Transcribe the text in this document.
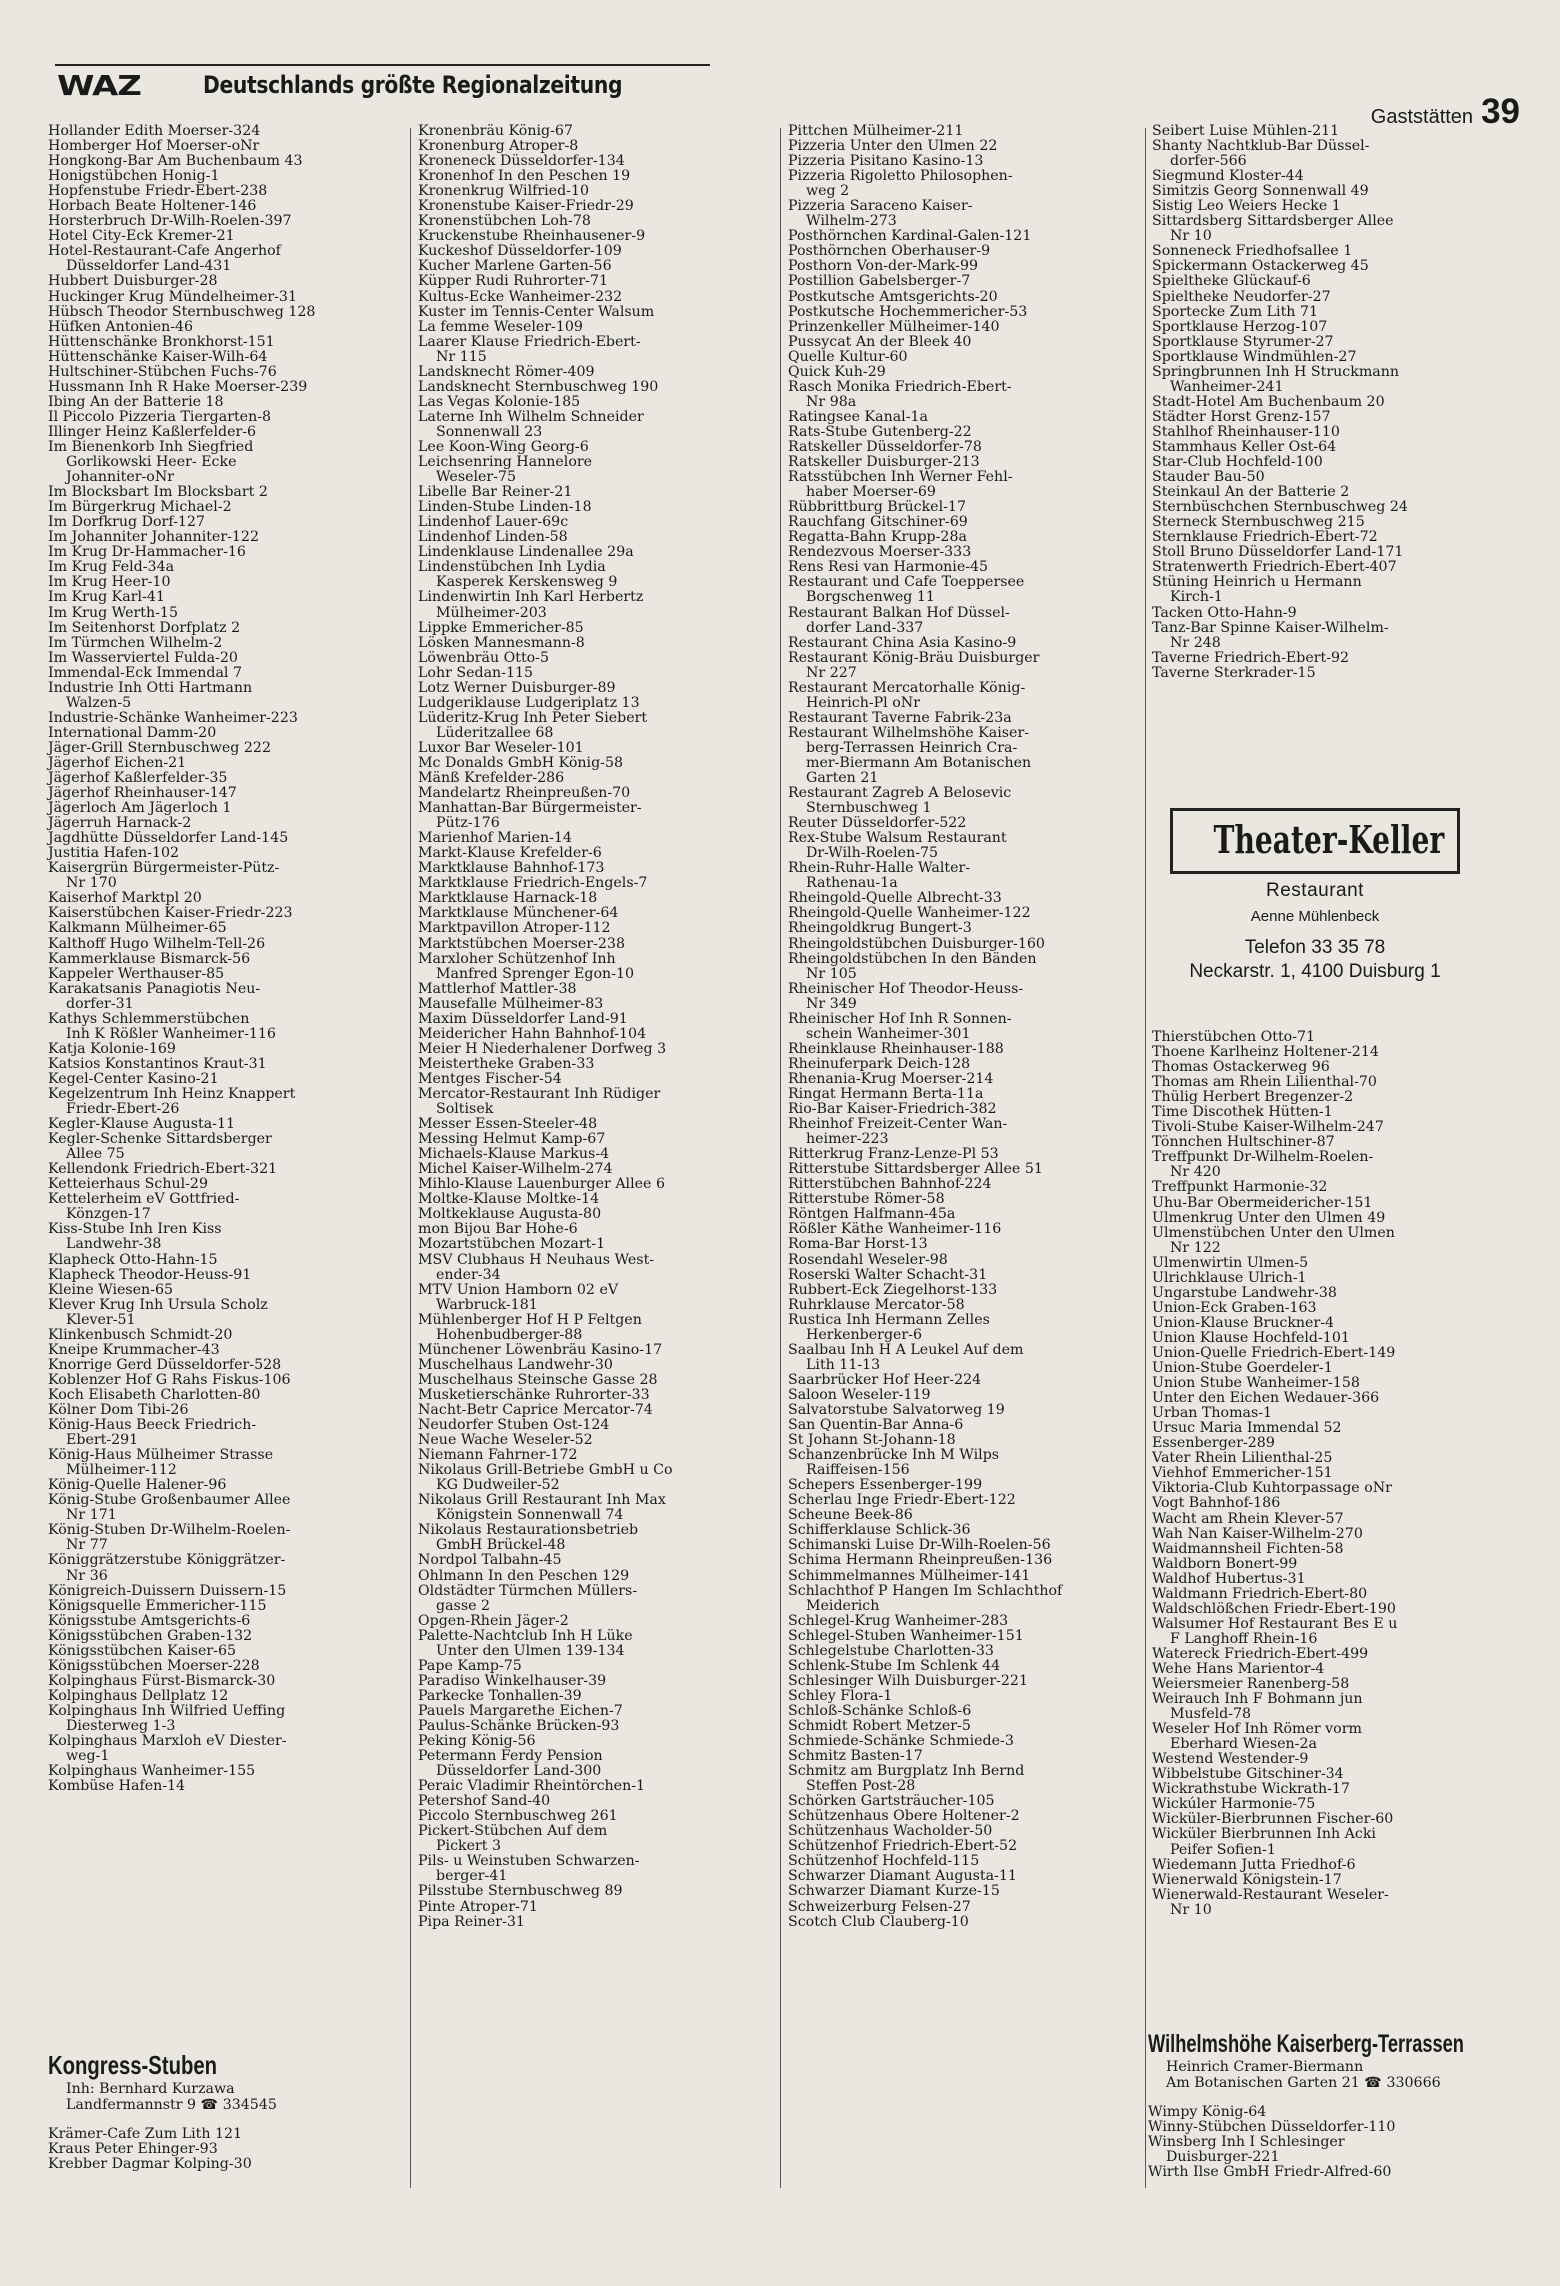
WAZ Deutschlands größte Regionalzeitung
Gaststätten 39
Hollander Edith Moerser-324
Homberger Hof Moerser-oNr
Hongkong-Bar Am Buchenbaum 43
Honigstübchen Honig-1
Hopfenstube Friedr-Ebert-238
Horbach Beate Holtener-146
Horsterbruch Dr-Wilh-Roelen-397
Hotel City-Eck Kremer-21
Hotel-Restaurant-Cafe Angerhof
Düsseldorfer Land-431
Hubbert Duisburger-28
Huckinger Krug Mündelheimer-31
Hübsch Theodor Sternbuschweg 128
Hüfken Antonien-46
Hüttenschänke Bronkhorst-151
Hüttenschänke Kaiser-Wilh-64
Hultschiner-Stübchen Fuchs-76
Hussmann Inh R Hake Moerser-239
Ibing An der Batterie 18
Il Piccolo Pizzeria Tiergarten-8
Illinger Heinz Kaßlerfelder-6
Im Bienenkorb Inh Siegfried
Gorlikowski Heer- Ecke
Johanniter-oNr
Im Blocksbart Im Blocksbart 2
Im Bürgerkrug Michael-2
Im Dorfkrug Dorf-127
Im Johanniter Johanniter-122
Im Krug Dr-Hammacher-16
Im Krug Feld-34a
Im Krug Heer-10
Im Krug Karl-41
Im Krug Werth-15
Im Seitenhorst Dorfplatz 2
Im Türmchen Wilhelm-2
Im Wasserviertel Fulda-20
Immendal-Eck Immendal 7
Industrie Inh Otti Hartmann
Walzen-5
Industrie-Schänke Wanheimer-223
International Damm-20
Jäger-Grill Sternbuschweg 222
Jägerhof Eichen-21
Jägerhof Kaßlerfelder-35
Jägerhof Rheinhauser-147
Jägerloch Am Jägerloch 1
Jägerruh Harnack-2
Jagdhütte Düsseldorfer Land-145
Justitia Hafen-102
Kaisergrün Bürgermeister-Pütz-
Nr 170
Kaiserhof Marktpl 20
Kaiserstübchen Kaiser-Friedr-223
Kalkmann Mülheimer-65
Kalthoff Hugo Wilhelm-Tell-26
Kammerklause Bismarck-56
Kappeler Werthauser-85
Karakatsanis Panagiotis Neu-
dorfer-31
Kathys Schlemmerstübchen
Inh K Rößler Wanheimer-116
Katja Kolonie-169
Katsios Konstantinos Kraut-31
Kegel-Center Kasino-21
Kegelzentrum Inh Heinz Knappert
Friedr-Ebert-26
Kegler-Klause Augusta-11
Kegler-Schenke Sittardsberger
Allee 75
Kellendonk Friedrich-Ebert-321
Ketteierhaus Schul-29
Kettelerheim eV Gottfried-
Könzgen-17
Kiss-Stube Inh Iren Kiss
Landwehr-38
Klapheck Otto-Hahn-15
Klapheck Theodor-Heuss-91
Kleine Wiesen-65
Klever Krug Inh Ursula Scholz
Klever-51
Klinkenbusch Schmidt-20
Kneipe Krummacher-43
Knorrige Gerd Düsseldorfer-528
Koblenzer Hof G Rahs Fiskus-106
Koch Elisabeth Charlotten-80
Kölner Dom Tibi-26
König-Haus Beeck Friedrich-
Ebert-291
König-Haus Mülheimer Strasse
Mülheimer-112
König-Quelle Halener-96
König-Stube Großenbaumer Allee
Nr 171
König-Stuben Dr-Wilhelm-Roelen-
Nr 77
Königgrätzerstube Königgrätzer-
Nr 36
Königreich-Duissern Duissern-15
Königsquelle Emmericher-115
Königsstube Amtsgerichts-6
Königsstübchen Graben-132
Königsstübchen Kaiser-65
Königsstübchen Moerser-228
Kolpinghaus Fürst-Bismarck-30
Kolpinghaus Dellplatz 12
Kolpinghaus Inh Wilfried Ueffing
Diesterweg 1-3
Kolpinghaus Marxloh eV Diester-
weg-1
Kolpinghaus Wanheimer-155
Kombüse Hafen-14
Kongress-Stuben
Inh: Bernhard Kurzawa
Landfermannstr 9 ☎ 334545
Krämer-Cafe Zum Lith 121
Kraus Peter Ehinger-93
Krebber Dagmar Kolping-30
Kronenbräu König-67
Kronenburg Atroper-8
Kroneneck Düsseldorfer-134
Kronenhof In den Peschen 19
Kronenkrug Wilfried-10
Kronenstube Kaiser-Friedr-29
Kronenstübchen Loh-78
Kruckenstube Rheinhausener-9
Kuckeshof Düsseldorfer-109
Kucher Marlene Garten-56
Küpper Rudi Ruhrorter-71
Kultus-Ecke Wanheimer-232
Kuster im Tennis-Center Walsum
La femme Weseler-109
Laarer Klause Friedrich-Ebert-
Nr 115
Landsknecht Römer-409
Landsknecht Sternbuschweg 190
Las Vegas Kolonie-185
Laterne Inh Wilhelm Schneider
Sonnenwall 23
Lee Koon-Wing Georg-6
Leichsenring Hannelore
Weseler-75
Libelle Bar Reiner-21
Linden-Stube Linden-18
Lindenhof Lauer-69c
Lindenhof Linden-58
Lindenklause Lindenallee 29a
Lindenstübchen Inh Lydia
Kasperek Kerskensweg 9
Lindenwirtin Inh Karl Herbertz
Mülheimer-203
Lippke Emmericher-85
Lösken Mannesmann-8
Löwenbräu Otto-5
Lohr Sedan-115
Lotz Werner Duisburger-89
Ludgeriklause Ludgeriplatz 13
Lüderitz-Krug Inh Peter Siebert
Lüderitzallee 68
Luxor Bar Weseler-101
Mc Donalds GmbH König-58
Mänß Krefelder-286
Mandelartz Rheinpreußen-70
Manhattan-Bar Bürgermeister-
Pütz-176
Marienhof Marien-14
Markt-Klause Krefelder-6
Marktklause Bahnhof-173
Marktklause Friedrich-Engels-7
Marktklause Harnack-18
Marktklause Münchener-64
Marktpavillon Atroper-112
Marktstübchen Moerser-238
Marxloher Schützenhof Inh
Manfred Sprenger Egon-10
Mattlerhof Mattler-38
Mausefalle Mülheimer-83
Maxim Düsseldorfer Land-91
Meidericher Hahn Bahnhof-104
Meier H Niederhalener Dorfweg 3
Meistertheke Graben-33
Mentges Fischer-54
Mercator-Restaurant Inh Rüdiger
Soltisek
Messer Essen-Steeler-48
Messing Helmut Kamp-67
Michaels-Klause Markus-4
Michel Kaiser-Wilhelm-274
Mihlo-Klause Lauenburger Allee 6
Moltke-Klause Moltke-14
Moltkeklause Augusta-80
mon Bijou Bar Hohe-6
Mozartstübchen Mozart-1
MSV Clubhaus H Neuhaus West-
ender-34
MTV Union Hamborn 02 eV
Warbruck-181
Mühlenberger Hof H P Feltgen
Hohenbudberger-88
Münchener Löwenbräu Kasino-17
Muschelhaus Landwehr-30
Muschelhaus Steinsche Gasse 28
Musketierschänke Ruhrorter-33
Nacht-Betr Caprice Mercator-74
Neudorfer Stuben Ost-124
Neue Wache Weseler-52
Niemann Fahrner-172
Nikolaus Grill-Betriebe GmbH u Co
KG Dudweiler-52
Nikolaus Grill Restaurant Inh Max
Königstein Sonnenwall 74
Nikolaus Restaurationsbetrieb
GmbH Brückel-48
Nordpol Talbahn-45
Ohlmann In den Peschen 129
Oldstädter Türmchen Müllers-
gasse 2
Opgen-Rhein Jäger-2
Palette-Nachtclub Inh H Lüke
Unter den Ulmen 139-134
Pape Kamp-75
Paradiso Winkelhauser-39
Parkecke Tonhallen-39
Pauels Margarethe Eichen-7
Paulus-Schänke Brücken-93
Peking König-56
Petermann Ferdy Pension
Düsseldorfer Land-300
Peraic Vladimir Rheintörchen-1
Petershof Sand-40
Piccolo Sternbuschweg 261
Pickert-Stübchen Auf dem
Pickert 3
Pils- u Weinstuben Schwarzen-
berger-41
Pilsstube Sternbuschweg 89
Pinte Atroper-71
Pipa Reiner-31
Pittchen Mülheimer-211
Pizzeria Unter den Ulmen 22
Pizzeria Pisitano Kasino-13
Pizzeria Rigoletto Philosophen-
weg 2
Pizzeria Saraceno Kaiser-
Wilhelm-273
Posthörnchen Kardinal-Galen-121
Posthörnchen Oberhauser-9
Posthorn Von-der-Mark-99
Postillion Gabelsberger-7
Postkutsche Amtsgerichts-20
Postkutsche Hochemmericher-53
Prinzenkeller Mülheimer-140
Pussycat An der Bleek 40
Quelle Kultur-60
Quick Kuh-29
Rasch Monika Friedrich-Ebert-
Nr 98a
Ratingsee Kanal-1a
Rats-Stube Gutenberg-22
Ratskeller Düsseldorfer-78
Ratskeller Duisburger-213
Ratsstübchen Inh Werner Fehl-
haber Moerser-69
Rübbrittburg Brückel-17
Rauchfang Gitschiner-69
Regatta-Bahn Krupp-28a
Rendezvous Moerser-333
Rens Resi van Harmonie-45
Restaurant und Cafe Toeppersee
Borgschenweg 11
Restaurant Balkan Hof Düssel-
dorfer Land-337
Restaurant China Asia Kasino-9
Restaurant König-Bräu Duisburger
Nr 227
Restaurant Mercatorhalle König-
Heinrich-Pl oNr
Restaurant Taverne Fabrik-23a
Restaurant Wilhelmshöhe Kaiser-
berg-Terrassen Heinrich Cra-
mer-Biermann Am Botanischen
Garten 21
Restaurant Zagreb A Belosevic
Sternbuschweg 1
Reuter Düsseldorfer-522
Rex-Stube Walsum Restaurant
Dr-Wilh-Roelen-75
Rhein-Ruhr-Halle Walter-
Rathenau-1a
Rheingold-Quelle Albrecht-33
Rheingold-Quelle Wanheimer-122
Rheingoldkrug Bungert-3
Rheingoldstübchen Duisburger-160
Rheingoldstübchen In den Bänden
Nr 105
Rheinischer Hof Theodor-Heuss-
Nr 349
Rheinischer Hof Inh R Sonnen-
schein Wanheimer-301
Rheinklause Rheinhauser-188
Rheinuferpark Deich-128
Rhenania-Krug Moerser-214
Ringat Hermann Berta-11a
Rio-Bar Kaiser-Friedrich-382
Rheinhof Freizeit-Center Wan-
heimer-223
Ritterkrug Franz-Lenze-Pl 53
Ritterstube Sittardsberger Allee 51
Ritterstübchen Bahnhof-224
Ritterstube Römer-58
Röntgen Halfmann-45a
Rößler Käthe Wanheimer-116
Roma-Bar Horst-13
Rosendahl Weseler-98
Roserski Walter Schacht-31
Rubbert-Eck Ziegelhorst-133
Ruhrklause Mercator-58
Rustica Inh Hermann Zelles
Herkenberger-6
Saalbau Inh H A Leukel Auf dem
Lith 11-13
Saarbrücker Hof Heer-224
Saloon Weseler-119
Salvatorstube Salvatorweg 19
San Quentin-Bar Anna-6
St Johann St-Johann-18
Schanzenbrücke Inh M Wilps
Raiffeisen-156
Schepers Essenberger-199
Scherlau Inge Friedr-Ebert-122
Scheune Beek-86
Schifferklause Schlick-36
Schimanski Luise Dr-Wilh-Roelen-56
Schima Hermann Rheinpreußen-136
Schimmelmannes Mülheimer-141
Schlachthof P Hangen Im Schlachthof
Meiderich
Schlegel-Krug Wanheimer-283
Schlegel-Stuben Wanheimer-151
Schlegelstube Charlotten-33
Schlenk-Stube Im Schlenk 44
Schlesinger Wilh Duisburger-221
Schley Flora-1
Schloß-Schänke Schloß-6
Schmidt Robert Metzer-5
Schmiede-Schänke Schmiede-3
Schmitz Basten-17
Schmitz am Burgplatz Inh Bernd
Steffen Post-28
Schörken Gartsträucher-105
Schützenhaus Obere Holtener-2
Schützenhaus Wacholder-50
Schützenhof Friedrich-Ebert-52
Schützenhof Hochfeld-115
Schwarzer Diamant Augusta-11
Schwarzer Diamant Kurze-15
Schweizerburg Felsen-27
Scotch Club Clauberg-10
Seibert Luise Mühlen-211
Shanty Nachtklub-Bar Düssel-
dorfer-566
Siegmund Kloster-44
Simitzis Georg Sonnenwall 49
Sistig Leo Weiers Hecke 1
Sittardsberg Sittardsberger Allee
Nr 10
Sonneneck Friedhofsallee 1
Spickermann Ostackerweg 45
Spieltheke Glückauf-6
Spieltheke Neudorfer-27
Sportecke Zum Lith 71
Sportklause Herzog-107
Sportklause Styrumer-27
Sportklause Windmühlen-27
Springbrunnen Inh H Struckmann
Wanheimer-241
Stadt-Hotel Am Buchenbaum 20
Städter Horst Grenz-157
Stahlhof Rheinhauser-110
Stammhaus Keller Ost-64
Star-Club Hochfeld-100
Stauder Bau-50
Steinkaul An der Batterie 2
Sternbüschchen Sternbuschweg 24
Sterneck Sternbuschweg 215
Sternklause Friedrich-Ebert-72
Stoll Bruno Düsseldorfer Land-171
Stratenwerth Friedrich-Ebert-407
Stüning Heinrich u Hermann
Kirch-1
Tacken Otto-Hahn-9
Tanz-Bar Spinne Kaiser-Wilhelm-
Nr 248
Taverne Friedrich-Ebert-92
Taverne Sterkrader-15
Theater-Keller
Restaurant
Aenne Mühlenbeck
Telefon 33 35 78
Neckarstr. 1, 4100 Duisburg 1
Thierstübchen Otto-71
Thoene Karlheinz Holtener-214
Thomas Ostackerweg 96
Thomas am Rhein Lilienthal-70
Thülig Herbert Bregenzer-2
Time Discothek Hütten-1
Tivoli-Stube Kaiser-Wilhelm-247
Tönnchen Hultschiner-87
Treffpunkt Dr-Wilhelm-Roelen-
Nr 420
Treffpunkt Harmonie-32
Uhu-Bar Obermeidericher-151
Ulmenkrug Unter den Ulmen 49
Ulmenstübchen Unter den Ulmen
Nr 122
Ulmenwirtin Ulmen-5
Ulrichklause Ulrich-1
Ungarstube Landwehr-38
Union-Eck Graben-163
Union-Klause Bruckner-4
Union Klause Hochfeld-101
Union-Quelle Friedrich-Ebert-149
Union-Stube Goerdeler-1
Union Stube Wanheimer-158
Unter den Eichen Wedauer-366
Urban Thomas-1
Ursuc Maria Immendal 52
Essenberger-289
Vater Rhein Lilienthal-25
Viehhof Emmericher-151
Viktoria-Club Kuhtorpassage oNr
Vogt Bahnhof-186
Wacht am Rhein Klever-57
Wah Nan Kaiser-Wilhelm-270
Waidmannsheil Fichten-58
Waldborn Bonert-99
Waldhof Hubertus-31
Waldmann Friedrich-Ebert-80
Waldschlößchen Friedr-Ebert-190
Walsumer Hof Restaurant Bes E u
F Langhoff Rhein-16
Watereck Friedrich-Ebert-499
Wehe Hans Marientor-4
Weiersmeier Ranenberg-58
Weirauch Inh F Bohmann jun
Musfeld-78
Weseler Hof Inh Römer vorm
Eberhard Wiesen-2a
Westend Westender-9
Wibbelstube Gitschiner-34
Wickrathstube Wickrath-17
Wickúler Harmonie-75
Wicküler-Bierbrunnen Fischer-60
Wicküler Bierbrunnen Inh Acki
Peifer Sofien-1
Wiedemann Jutta Friedhof-6
Wienerwald Königstein-17
Wienerwald-Restaurant Weseler-
Nr 10
Wilhelmshöhe Kaiserberg-Terrassen
Heinrich Cramer-Biermann
Am Botanischen Garten 21 ☎ 330666
Wimpy König-64
Winny-Stübchen Düsseldorfer-110
Winsberg Inh I Schlesinger
Duisburger-221
Wirth Ilse GmbH Friedr-Alfred-60
